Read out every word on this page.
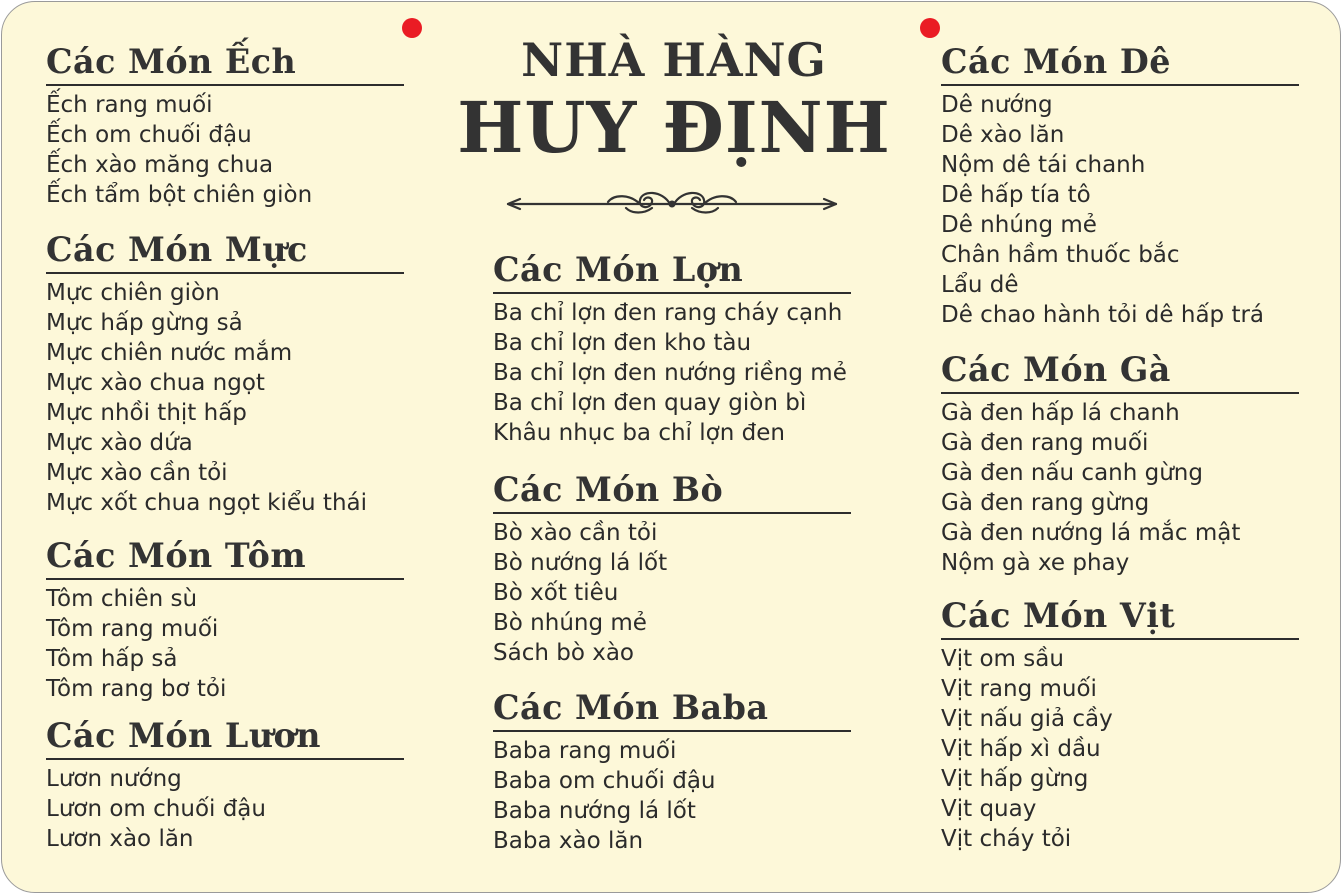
NHÀ HÀNG
HUY ĐỊNH
Các Món Ếch
Ếch rang muối
Ếch om chuối đậu
Ếch xào măng chua
Ếch tẩm bột chiên giòn
Các Món Mực
Mực chiên giòn
Mực hấp gừng sả
Mực chiên nước mắm
Mực xào chua ngọt
Mực nhồi thịt hấp
Mực xào dứa
Mực xào cần tỏi
Mực xốt chua ngọt kiểu thái
Các Món Tôm
Tôm chiên sù
Tôm rang muối
Tôm hấp sả
Tôm rang bơ tỏi
Các Món Lươn
Lươn nướng
Lươn om chuối đậu
Lươn xào lăn
Các Món Lợn
Ba chỉ lợn đen rang cháy cạnh
Ba chỉ lợn đen kho tàu
Ba chỉ lợn đen nướng riềng mẻ
Ba chỉ lợn đen quay giòn bì
Khâu nhục ba chỉ lợn đen
Các Món Bò
Bò xào cần tỏi
Bò nướng lá lốt
Bò xốt tiêu
Bò nhúng mẻ
Sách bò xào
Các Món Baba
Baba rang muối
Baba om chuối đậu
Baba nướng lá lốt
Baba xào lăn
Các Món Dê
Dê nướng
Dê xào lăn
Nộm dê tái chanh
Dê hấp tía tô
Dê nhúng mẻ
Chân hầm thuốc bắc
Lẩu dê
Dê chao hành tỏi dê hấp trá
Các Món Gà
Gà đen hấp lá chanh
Gà đen rang muối
Gà đen nấu canh gừng
Gà đen rang gừng
Gà đen nướng lá mắc mật
Nộm gà xe phay
Các Món Vịt
Vịt om sầu
Vịt rang muối
Vịt nấu giả cầy
Vịt hấp xì dầu
Vịt hấp gừng
Vịt quay
Vịt cháy tỏi
